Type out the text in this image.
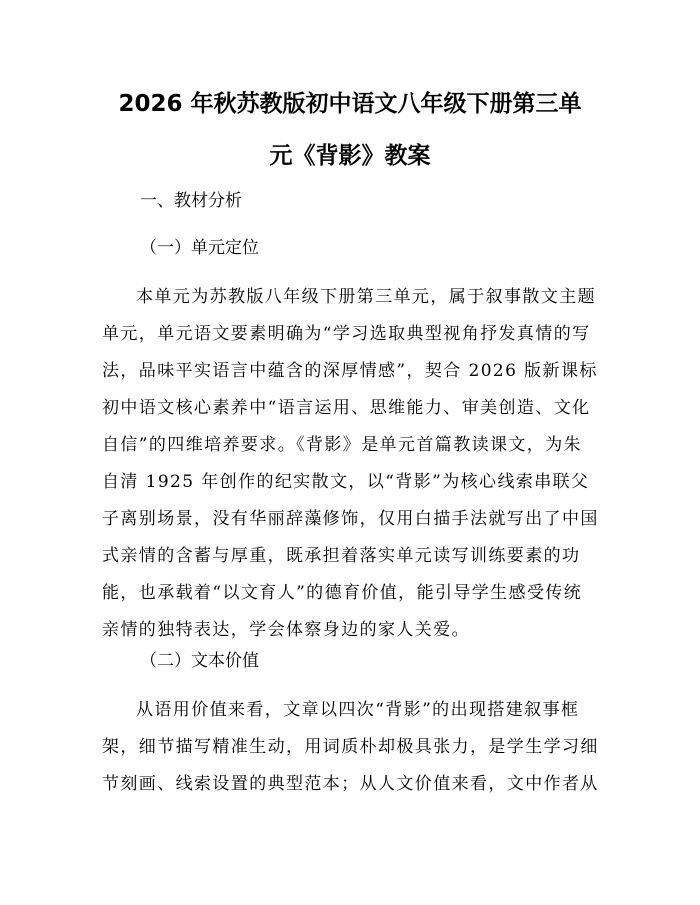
2026 年秋苏教版初中语文八年级下册第三单
元《背影》教案
一、教材分析
（一）单元定位
本单元为苏教版八年级下册第三单元，属于叙事散文主题
单元，单元语文要素明确为“学习选取典型视角抒发真情的写
法，品味平实语言中蕴含的深厚情感”，契合 2026 版新课标
初中语文核心素养中“语言运用、思维能力、审美创造、文化
自信”的四维培养要求。《背影》是单元首篇教读课文，为朱
自清 1925 年创作的纪实散文，以“背影”为核心线索串联父
子离别场景，没有华丽辞藻修饰，仅用白描手法就写出了中国
式亲情的含蓄与厚重，既承担着落实单元读写训练要素的功
能，也承载着“以文育人”的德育价值，能引导学生感受传统
亲情的独特表达，学会体察身边的家人关爱。
（二）文本价值
从语用价值来看，文章以四次“背影”的出现搭建叙事框
架，细节描写精准生动，用词质朴却极具张力，是学生学习细
节刻画、线索设置的典型范本；从人文价值来看，文中作者从
